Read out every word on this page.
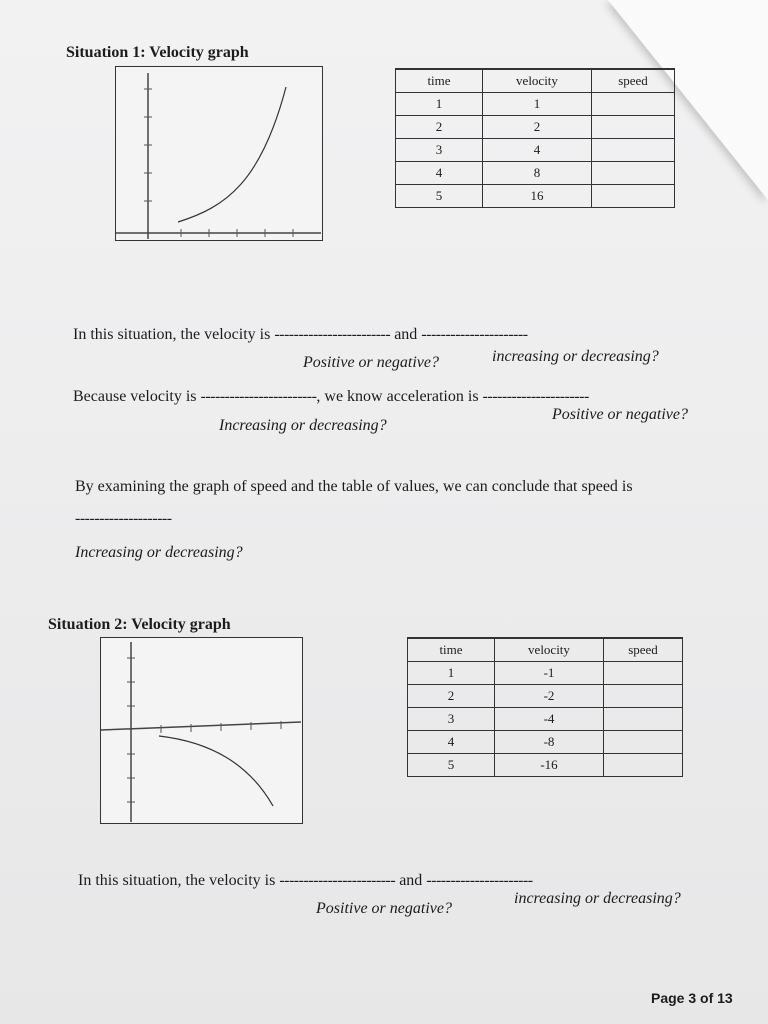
Situation 1: Velocity graph
time	velocity	speed
1	1	
2	2	
3	4	
4	8	
5	16	
In this situation, the velocity is ------------------------ and ----------------------
Positive or negative?	increasing or decreasing?
Because velocity is ------------------------, we know acceleration is ----------------------
Increasing or decreasing?
Positive or negative?
By examining the graph of speed and the table of values, we can conclude that speed is
--------------------
Increasing or decreasing?
Situation 2: Velocity graph
time	velocity	speed
1	-1	
2	-2	
3	-4	
4	-8	
5	-16	
In this situation, the velocity is ------------------------ and ----------------------
Positive or negative?
increasing or decreasing?
Page 3 of 13
